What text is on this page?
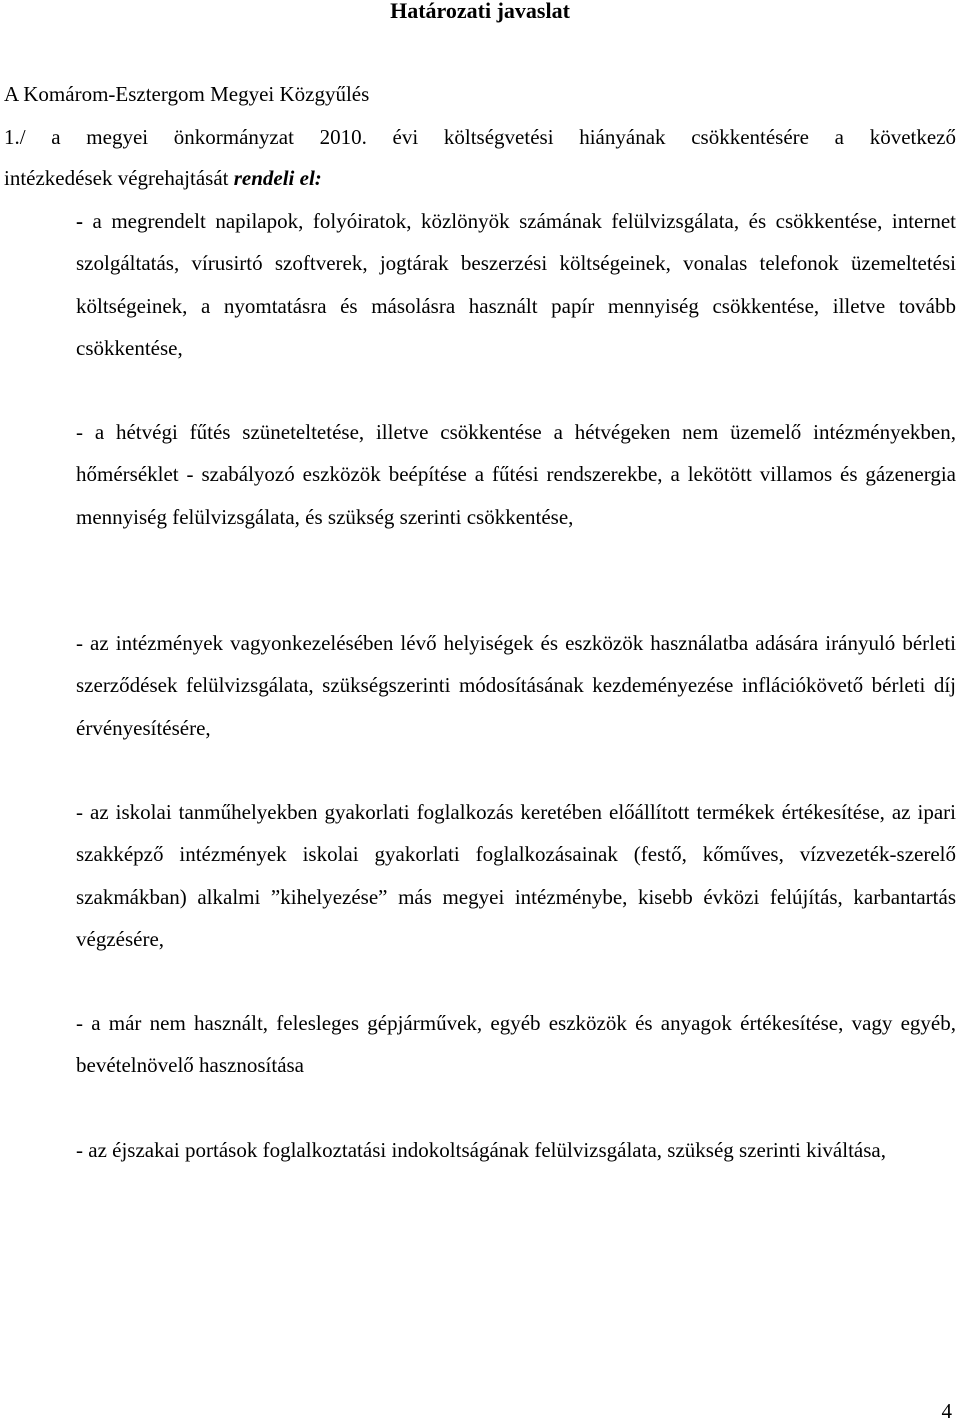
Határozati javaslat

A Komárom-Esztergom Megyei Közgyűlés

1./ a megyei önkormányzat 2010. évi költségvetési hiányának csökkentésére a következő

intézkedések végrehajtását rendeli el:

- a megrendelt napilapok, folyóiratok, közlönyök számának felülvizsgálata, és csökkentése, internet szolgáltatás, vírusirtó szoftverek, jogtárak beszerzési költségeinek, vonalas telefonok üzemeltetési költségeinek, a nyomtatásra és másolásra használt papír mennyiség csökkentése, illetve tovább csökkentése,

- a hétvégi fűtés szüneteltetése, illetve csökkentése a hétvégeken nem üzemelő intézményekben, hőmérséklet - szabályozó eszközök beépítése a fűtési rendszerekbe, a lekötött villamos és gázenergia mennyiség felülvizsgálata, és szükség szerinti csökkentése,

- az intézmények vagyonkezelésében lévő helyiségek és eszközök használatba adására irányuló bérleti szerződések felülvizsgálata, szükségszerinti módosításának kezdeményezése inflációkövető bérleti díj érvényesítésére,

- az iskolai tanműhelyekben gyakorlati foglalkozás keretében előállított termékek értékesítése, az ipari szakképző intézmények iskolai gyakorlati foglalkozásainak (festő, kőműves, vízvezeték-szerelő szakmákban) alkalmi ”kihelyezése” más megyei intézménybe, kisebb évközi felújítás, karbantartás végzésére,

- a már nem használt, felesleges gépjárművek, egyéb eszközök és anyagok értékesítése, vagy egyéb, bevételnövelő hasznosítása

- az éjszakai portások foglalkoztatási indokoltságának felülvizsgálata, szükség szerinti kiváltása,

4
